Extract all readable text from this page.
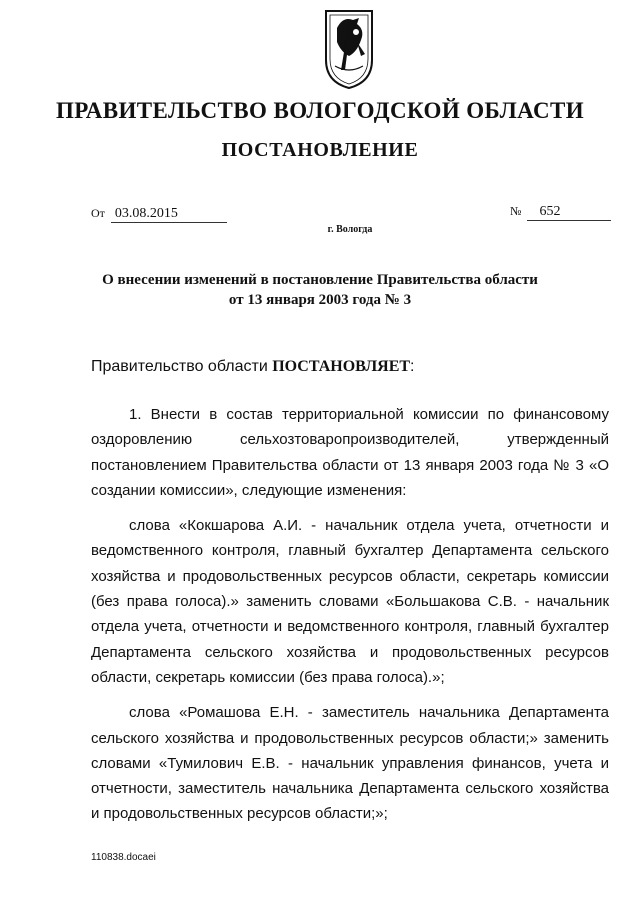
ПРАВИТЕЛЬСТВО ВОЛОГОДСКОЙ ОБЛАСТИ
ПОСТАНОВЛЕНИЕ
От 03.08.2015	№ 652
г. Вологда
О внесении изменений в постановление Правительства области
от 13 января 2003 года № 3
Правительство области ПОСТАНОВЛЯЕТ:

1. Внести в состав территориальной комиссии по финансовому оздоровлению сельхозтоваропроизводителей, утвержденный постановлением Правительства области от 13 января 2003 года № 3 «О создании комиссии», следующие изменения:

слова «Кокшарова А.И. - начальник отдела учета, отчетности и ведомственного контроля, главный бухгалтер Департамента сельского хозяйства и продовольственных ресурсов области, секретарь комиссии (без права голоса).» заменить словами «Большакова С.В. - начальник отдела учета, отчетности и ведомственного контроля, главный бухгалтер Департамента сельского хозяйства и продовольственных ресурсов области, секретарь комиссии (без права голоса).»;

слова «Ромашова Е.Н. - заместитель начальника Департамента сельского хозяйства и продовольственных ресурсов области;» заменить словами «Тумилович Е.В. - начальник управления финансов, учета и отчетности, заместитель начальника Департамента сельского хозяйства и продовольственных ресурсов области;»;

110838.docaei
